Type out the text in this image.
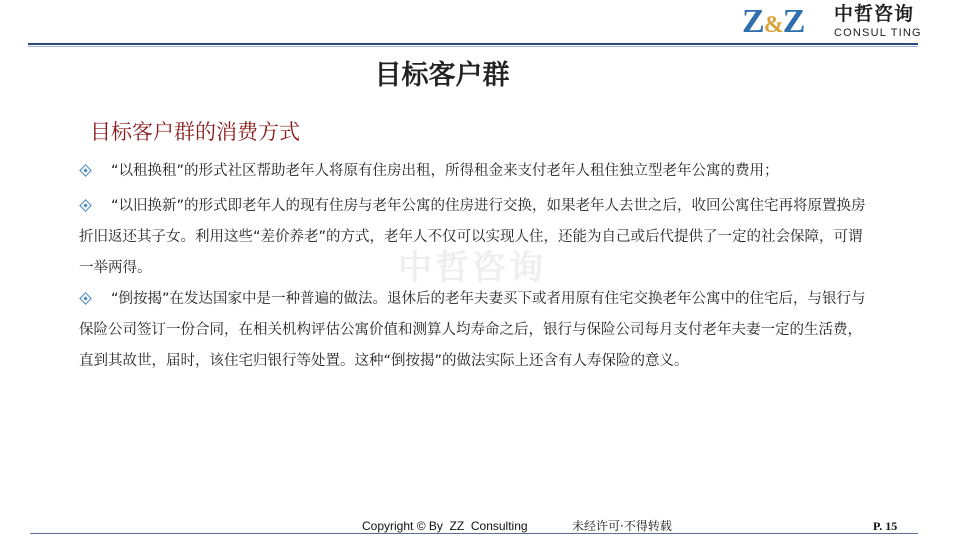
Z&Z 中哲咨询
CONSUL TING
目标客户群
目标客户群的消费方式
中哲咨询
“以租换租”的形式社区帮助老年人将原有住房出租，所得租金来支付老年人租住独立型老年公寓的费用；
“以旧换新”的形式即老年人的现有住房与老年公寓的住房进行交换，如果老年人去世之后，收回公寓住宅再将原置换房折旧返还其子女。利用这些“差价养老”的方式，老年人不仅可以实现人住，还能为自己或后代提供了一定的社会保障，可谓一举两得。
“倒按揭”在发达国家中是一种普遍的做法。退休后的老年夫妻买下或者用原有住宅交换老年公寓中的住宅后，与银行与保险公司签订一份合同，在相关机构评估公寓价值和测算人均寿命之后，银行与保险公司每月支付老年夫妻一定的生活费，直到其故世，届时，该住宅归银行等处置。这种“倒按揭”的做法实际上还含有人寿保险的意义。
Copyright © By  ZZ  Consulting	未经许可·不得转载	P. 15
